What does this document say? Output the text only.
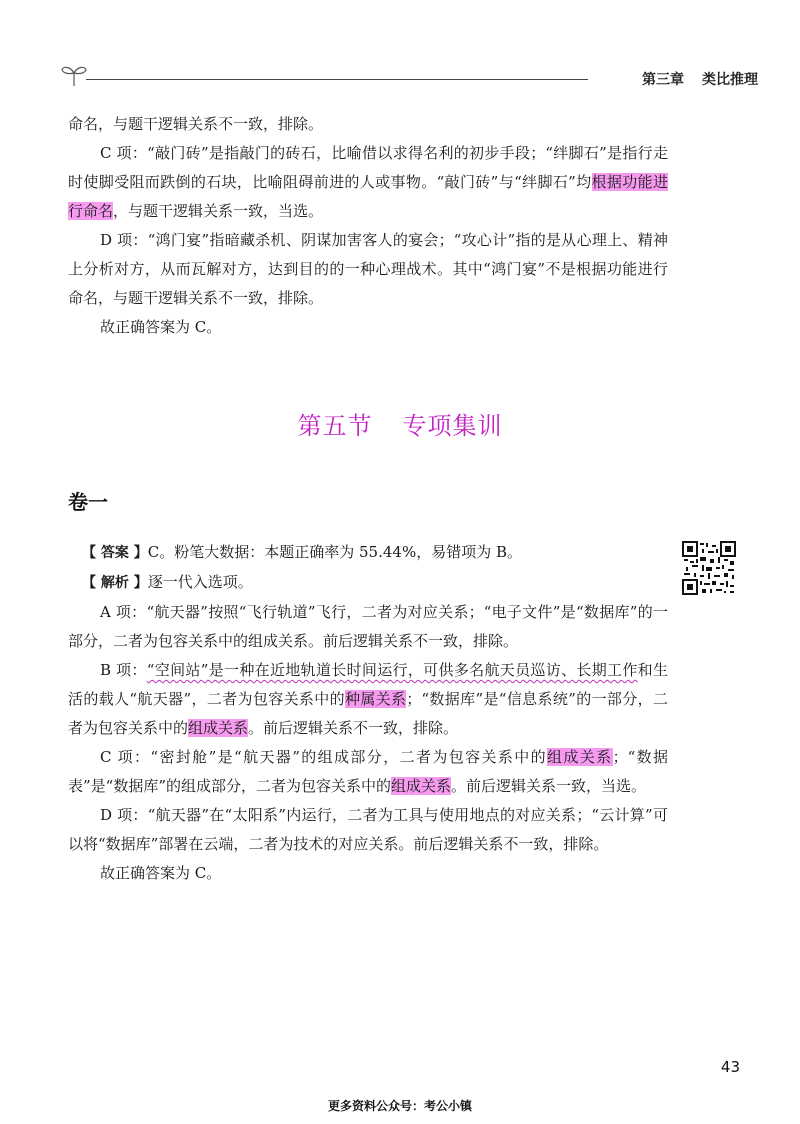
第三章 类比推理

命名，与题干逻辑关系不一致，排除。

C 项：“敲门砖”是指敲门的砖石，比喻借以求得名利的初步手段；“绊脚石”是指行走时使脚受阻而跌倒的石块，比喻阻碍前进的人或事物。“敲门砖”与“绊脚石”均根据功能进行命名，与题干逻辑关系一致，当选。

D 项：“鸿门宴”指暗藏杀机、阴谋加害客人的宴会；“攻心计”指的是从心理上、精神上分析对方，从而瓦解对方，达到目的的一种心理战术。其中“鸿门宴”不是根据功能进行命名，与题干逻辑关系不一致，排除。

故正确答案为 C。

第五节 专项集训
卷一

【 答案 】C。粉笔大数据：本题正确率为 55.44%，易错项为 B。

【 解析 】逐一代入选项。

A 项：“航天器”按照“飞行轨道”飞行，二者为对应关系；“电子文件”是“数据库”的一部分，二者为包容关系中的组成关系。前后逻辑关系不一致，排除。

B 项：“空间站”是一种在近地轨道长时间运行，可供多名航天员巡访、长期工作和生活的载人“航天器”，二者为包容关系中的种属关系；“数据库”是“信息系统”的一部分，二者为包容关系中的组成关系。前后逻辑关系不一致，排除。

C 项：“密封舱”是“航天器”的组成部分，二者为包容关系中的组成关系；“数据表”是“数据库”的组成部分，二者为包容关系中的组成关系。前后逻辑关系一致，当选。

D 项：“航天器”在“太阳系”内运行，二者为工具与使用地点的对应关系；“云计算”可以将“数据库”部署在云端，二者为技术的对应关系。前后逻辑关系不一致，排除。

故正确答案为 C。

43
更多资料公众号：考公小镇
